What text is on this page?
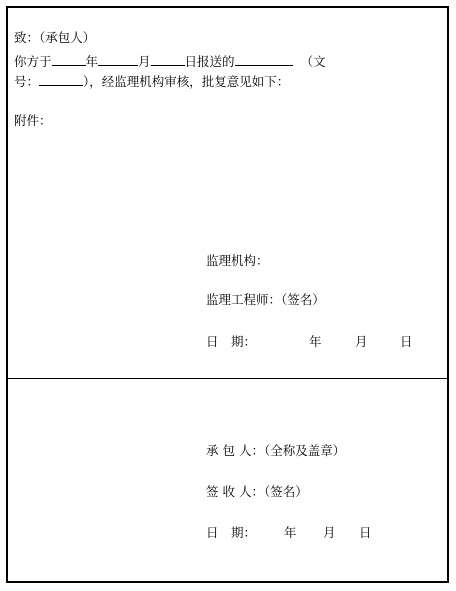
致：（承包人）
你方于	年	月	日报送的	（文
号：	），经监理机构审核，批复意见如下：
附件：
监理机构：
监理工程师：（签名）
日　期：	年	月	日
承 包 人：（全称及盖章）
签 收 人：（签名）
日　期： 年 月 日
